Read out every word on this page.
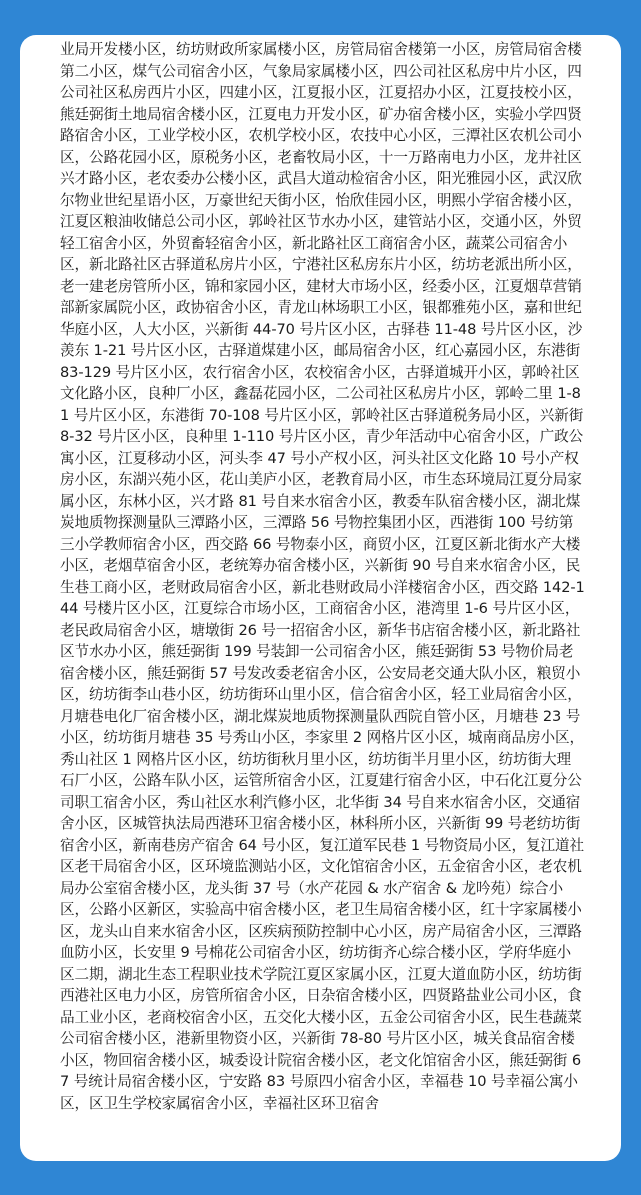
业局开发楼小区，纺坊财政所家属楼小区，房管局宿舍楼第一小区，房管局宿舍楼第二小区，煤气公司宿舍小区，气象局家属楼小区，四公司社区私房中片小区，四公司社区私房西片小区，四建小区，江夏报小区，江夏招办小区，江夏技校小区，熊廷弼街土地局宿舍楼小区，江夏电力开发小区，矿办宿舍楼小区，实验小学四贤路宿舍小区，工业学校小区，农机学校小区，农技中心小区，三潭社区农机公司小区，公路花园小区，原税务小区，老畜牧局小区，十一万路南电力小区，龙井社区兴才路小区，老农委办公楼小区，武昌大道动检宿舍小区，阳光雅园小区，武汉欣尔物业世纪星语小区，万豪世纪天街小区，怡欣佳园小区，明熙小学宿舍楼小区，江夏区粮油收储总公司小区，郭岭社区节水办小区，建管站小区，交通小区，外贸轻工宿舍小区，外贸畜轻宿舍小区，新北路社区工商宿舍小区，蔬菜公司宿舍小区，新北路社区古驿道私房片小区，宁港社区私房东片小区，纺坊老派出所小区，老一建老房管所小区，锦和家园小区，建材大市场小区，经委小区，江夏烟草营销部新家属院小区，政协宿舍小区，青龙山林场职工小区，银都雅苑小区，嘉和世纪华庭小区，人大小区，兴新街 44-70 号片区小区，古驿巷 11-48 号片区小区，沙羡东 1-21 号片区小区，古驿道煤建小区，邮局宿舍小区，红心嘉园小区，东港街 83-129 号片区小区，农行宿舍小区，农校宿舍小区，古驿道城开小区，郭岭社区文化路小区，良种厂小区，鑫磊花园小区，二公司社区私房片小区，郭岭二里 1-81 号片区小区，东港街 70-108 号片区小区，郭岭社区古驿道税务局小区，兴新街 8-32 号片区小区，良种里 1-110 号片区小区，青少年活动中心宿舍小区，广政公寓小区，江夏移动小区，河头李 47 号小产权小区，河头社区文化路 10 号小产权房小区，东湖兴苑小区，花山美庐小区，老教育局小区，市生态环境局江夏分局家属小区，东林小区，兴才路 81 号自来水宿舍小区，教委车队宿舍楼小区，湖北煤炭地质物探测量队三潭路小区，三潭路 56 号物控集团小区，西港街 100 号纺第三小学教师宿舍小区，西交路 66 号物泰小区，商贸小区，江夏区新北街水产大楼小区，老烟草宿舍小区，老统筹办宿舍楼小区，兴新街 90 号自来水宿舍小区，民生巷工商小区，老财政局宿舍小区，新北巷财政局小洋楼宿舍小区，西交路 142-144 号楼片区小区，江夏综合市场小区，工商宿舍小区，港湾里 1-6 号片区小区，老民政局宿舍小区，塘墩街 26 号一招宿舍小区，新华书店宿舍楼小区，新北路社区节水办小区，熊廷弼街 199 号装卸一公司宿舍小区，熊廷弼街 53 号物价局老宿舍楼小区，熊廷弼街 57 号发改委老宿舍小区，公安局老交通大队小区，粮贸小区，纺坊街李山巷小区，纺坊街环山里小区，信合宿舍小区，轻工业局宿舍小区，月塘巷电化厂宿舍楼小区，湖北煤炭地质物探测量队西院自管小区，月塘巷 23 号小区，纺坊街月塘巷 35 号秀山小区，李家里 2 网格片区小区，城南商品房小区，秀山社区 1 网格片区小区，纺坊街秋月里小区，纺坊街半月里小区，纺坊街大理石厂小区，公路车队小区，运管所宿舍小区，江夏建行宿舍小区，中石化江夏分公司职工宿舍小区，秀山社区水利汽修小区，北华街 34 号自来水宿舍小区，交通宿舍小区，区城管执法局西港环卫宿舍楼小区，林科所小区，兴新街 99 号老纺坊街宿舍小区，新南巷房产宿舍 64 号小区，复江道军民巷 1 号物资局小区，复江道社区老干局宿舍小区，区环境监测站小区，文化馆宿舍小区，五金宿舍小区，老农机局办公室宿舍楼小区，龙头街 37 号（水产花园 & 水产宿舍 & 龙吟苑）综合小区，公路小区新区，实验高中宿舍楼小区，老卫生局宿舍楼小区，红十字家属楼小区，龙头山自来水宿舍小区，区疾病预防控制中心小区，房产局宿舍小区，三潭路血防小区，长安里 9 号棉花公司宿舍小区，纺坊街齐心综合楼小区，学府华庭小区二期，湖北生态工程职业技术学院江夏区家属小区，江夏大道血防小区，纺坊街西港社区电力小区，房管所宿舍小区，日杂宿舍楼小区，四贤路盐业公司小区，食品工业小区，老商校宿舍小区，五交化大楼小区，五金公司宿舍小区，民生巷蔬菜公司宿舍楼小区，港新里物资小区，兴新街 78-80 号片区小区，城关食品宿舍楼小区，物回宿舍楼小区，城委设计院宿舍楼小区，老文化馆宿舍小区，熊廷弼街 67 号统计局宿舍楼小区，宁安路 83 号原四小宿舍小区，幸福巷 10 号幸福公寓小区，区卫生学校家属宿舍小区，幸福社区环卫宿舍
